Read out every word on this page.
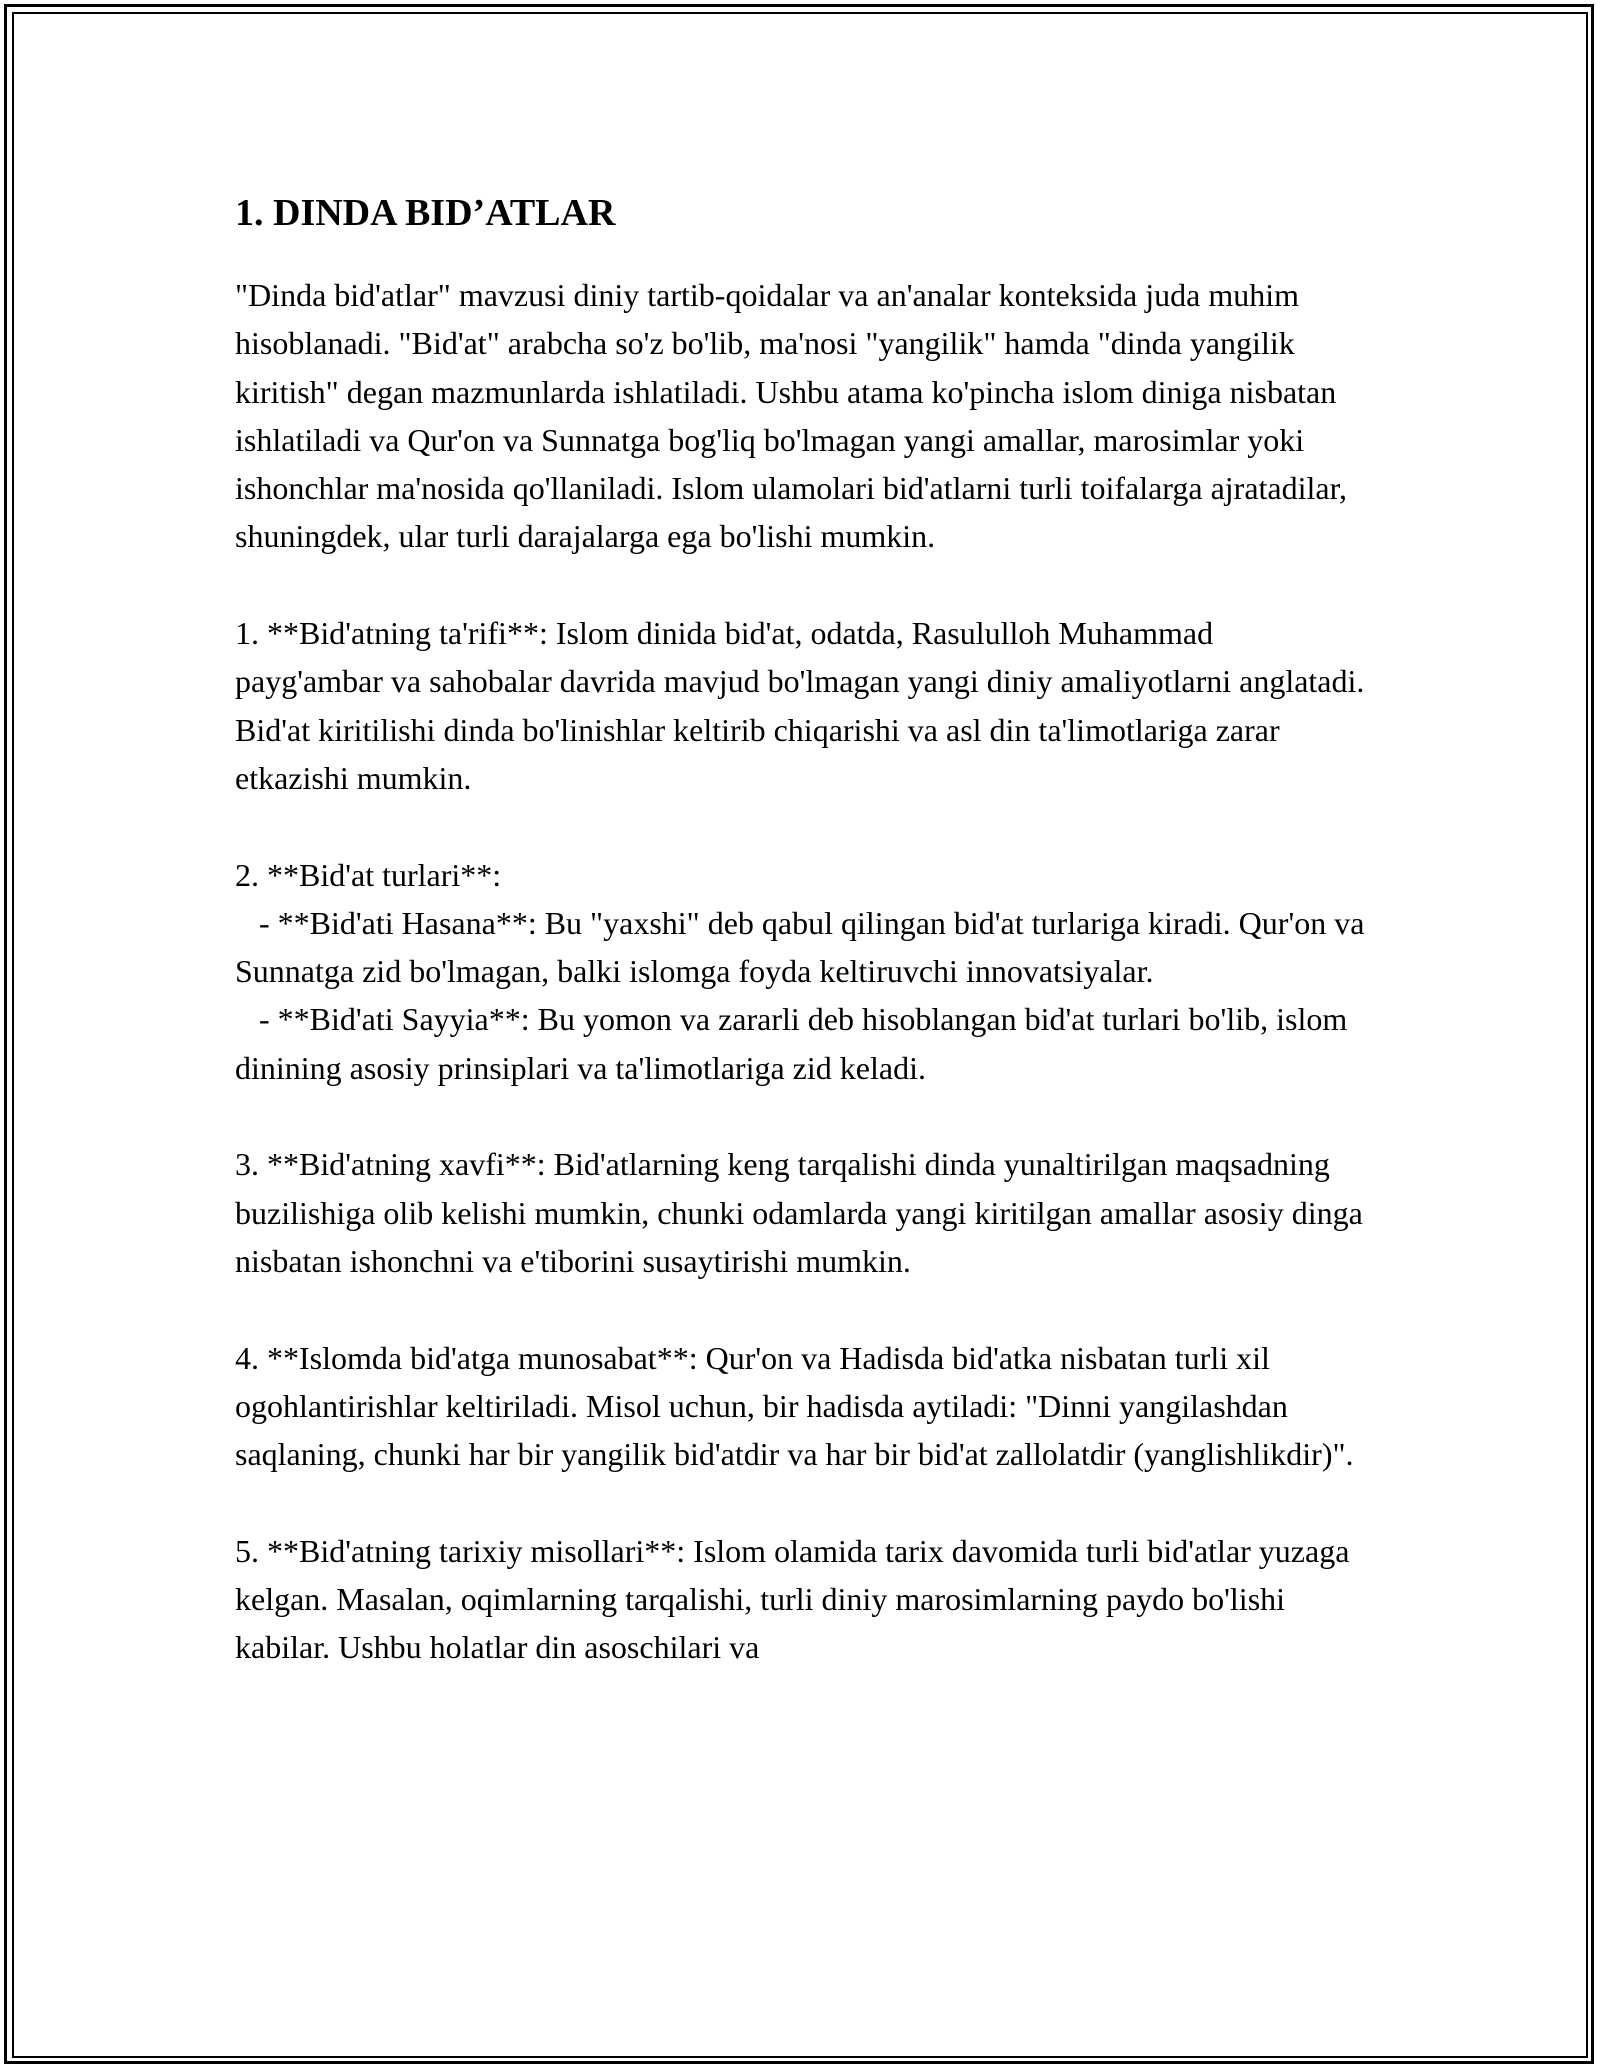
1. DINDA BID’ATLAR

"Dinda bid'atlar" mavzusi diniy tartib-qoidalar va an'analar konteksida juda muhim hisoblanadi. "Bid'at" arabcha so'z bo'lib, ma'nosi "yangilik" hamda "dinda yangilik kiritish" degan mazmunlarda ishlatiladi. Ushbu atama ko'pincha islom diniga nisbatan ishlatiladi va Qur'on va Sunnatga bog'liq bo'lmagan yangi amallar, marosimlar yoki ishonchlar ma'nosida qo'llaniladi. Islom ulamolari bid'atlarni turli toifalarga ajratadilar, shuningdek, ular turli darajalarga ega bo'lishi mumkin.

1. **Bid'atning ta'rifi**: Islom dinida bid'at, odatda, Rasululloh Muhammad payg'ambar va sahobalar davrida mavjud bo'lmagan yangi diniy amaliyotlarni anglatadi. Bid'at kiritilishi dinda bo'linishlar keltirib chiqarishi va asl din ta'limotlariga zarar etkazishi mumkin.

2. **Bid'at turlari**:

- **Bid'ati Hasana**: Bu "yaxshi" deb qabul qilingan bid'at turlariga kiradi. Qur'on va Sunnatga zid bo'lmagan, balki islomga foyda keltiruvchi innovatsiyalar.

- **Bid'ati Sayyia**: Bu yomon va zararli deb hisoblangan bid'at turlari bo'lib, islom dinining asosiy prinsiplari va ta'limotlariga zid keladi.

3. **Bid'atning xavfi**: Bid'atlarning keng tarqalishi dinda yunaltirilgan maqsadning buzilishiga olib kelishi mumkin, chunki odamlarda yangi kiritilgan amallar asosiy dinga nisbatan ishonchni va e'tiborini susaytirishi mumkin.

4. **Islomda bid'atga munosabat**: Qur'on va Hadisda bid'atka nisbatan turli xil ogohlantirishlar keltiriladi. Misol uchun, bir hadisda aytiladi: "Dinni yangilashdan saqlaning, chunki har bir yangilik bid'atdir va har bir bid'at zallolatdir (yanglishlikdir)".

5. **Bid'atning tarixiy misollari**: Islom olamida tarix davomida turli bid'atlar yuzaga kelgan. Masalan, oqimlarning tarqalishi, turli diniy marosimlarning paydo bo'lishi kabilar. Ushbu holatlar din asoschilari va
